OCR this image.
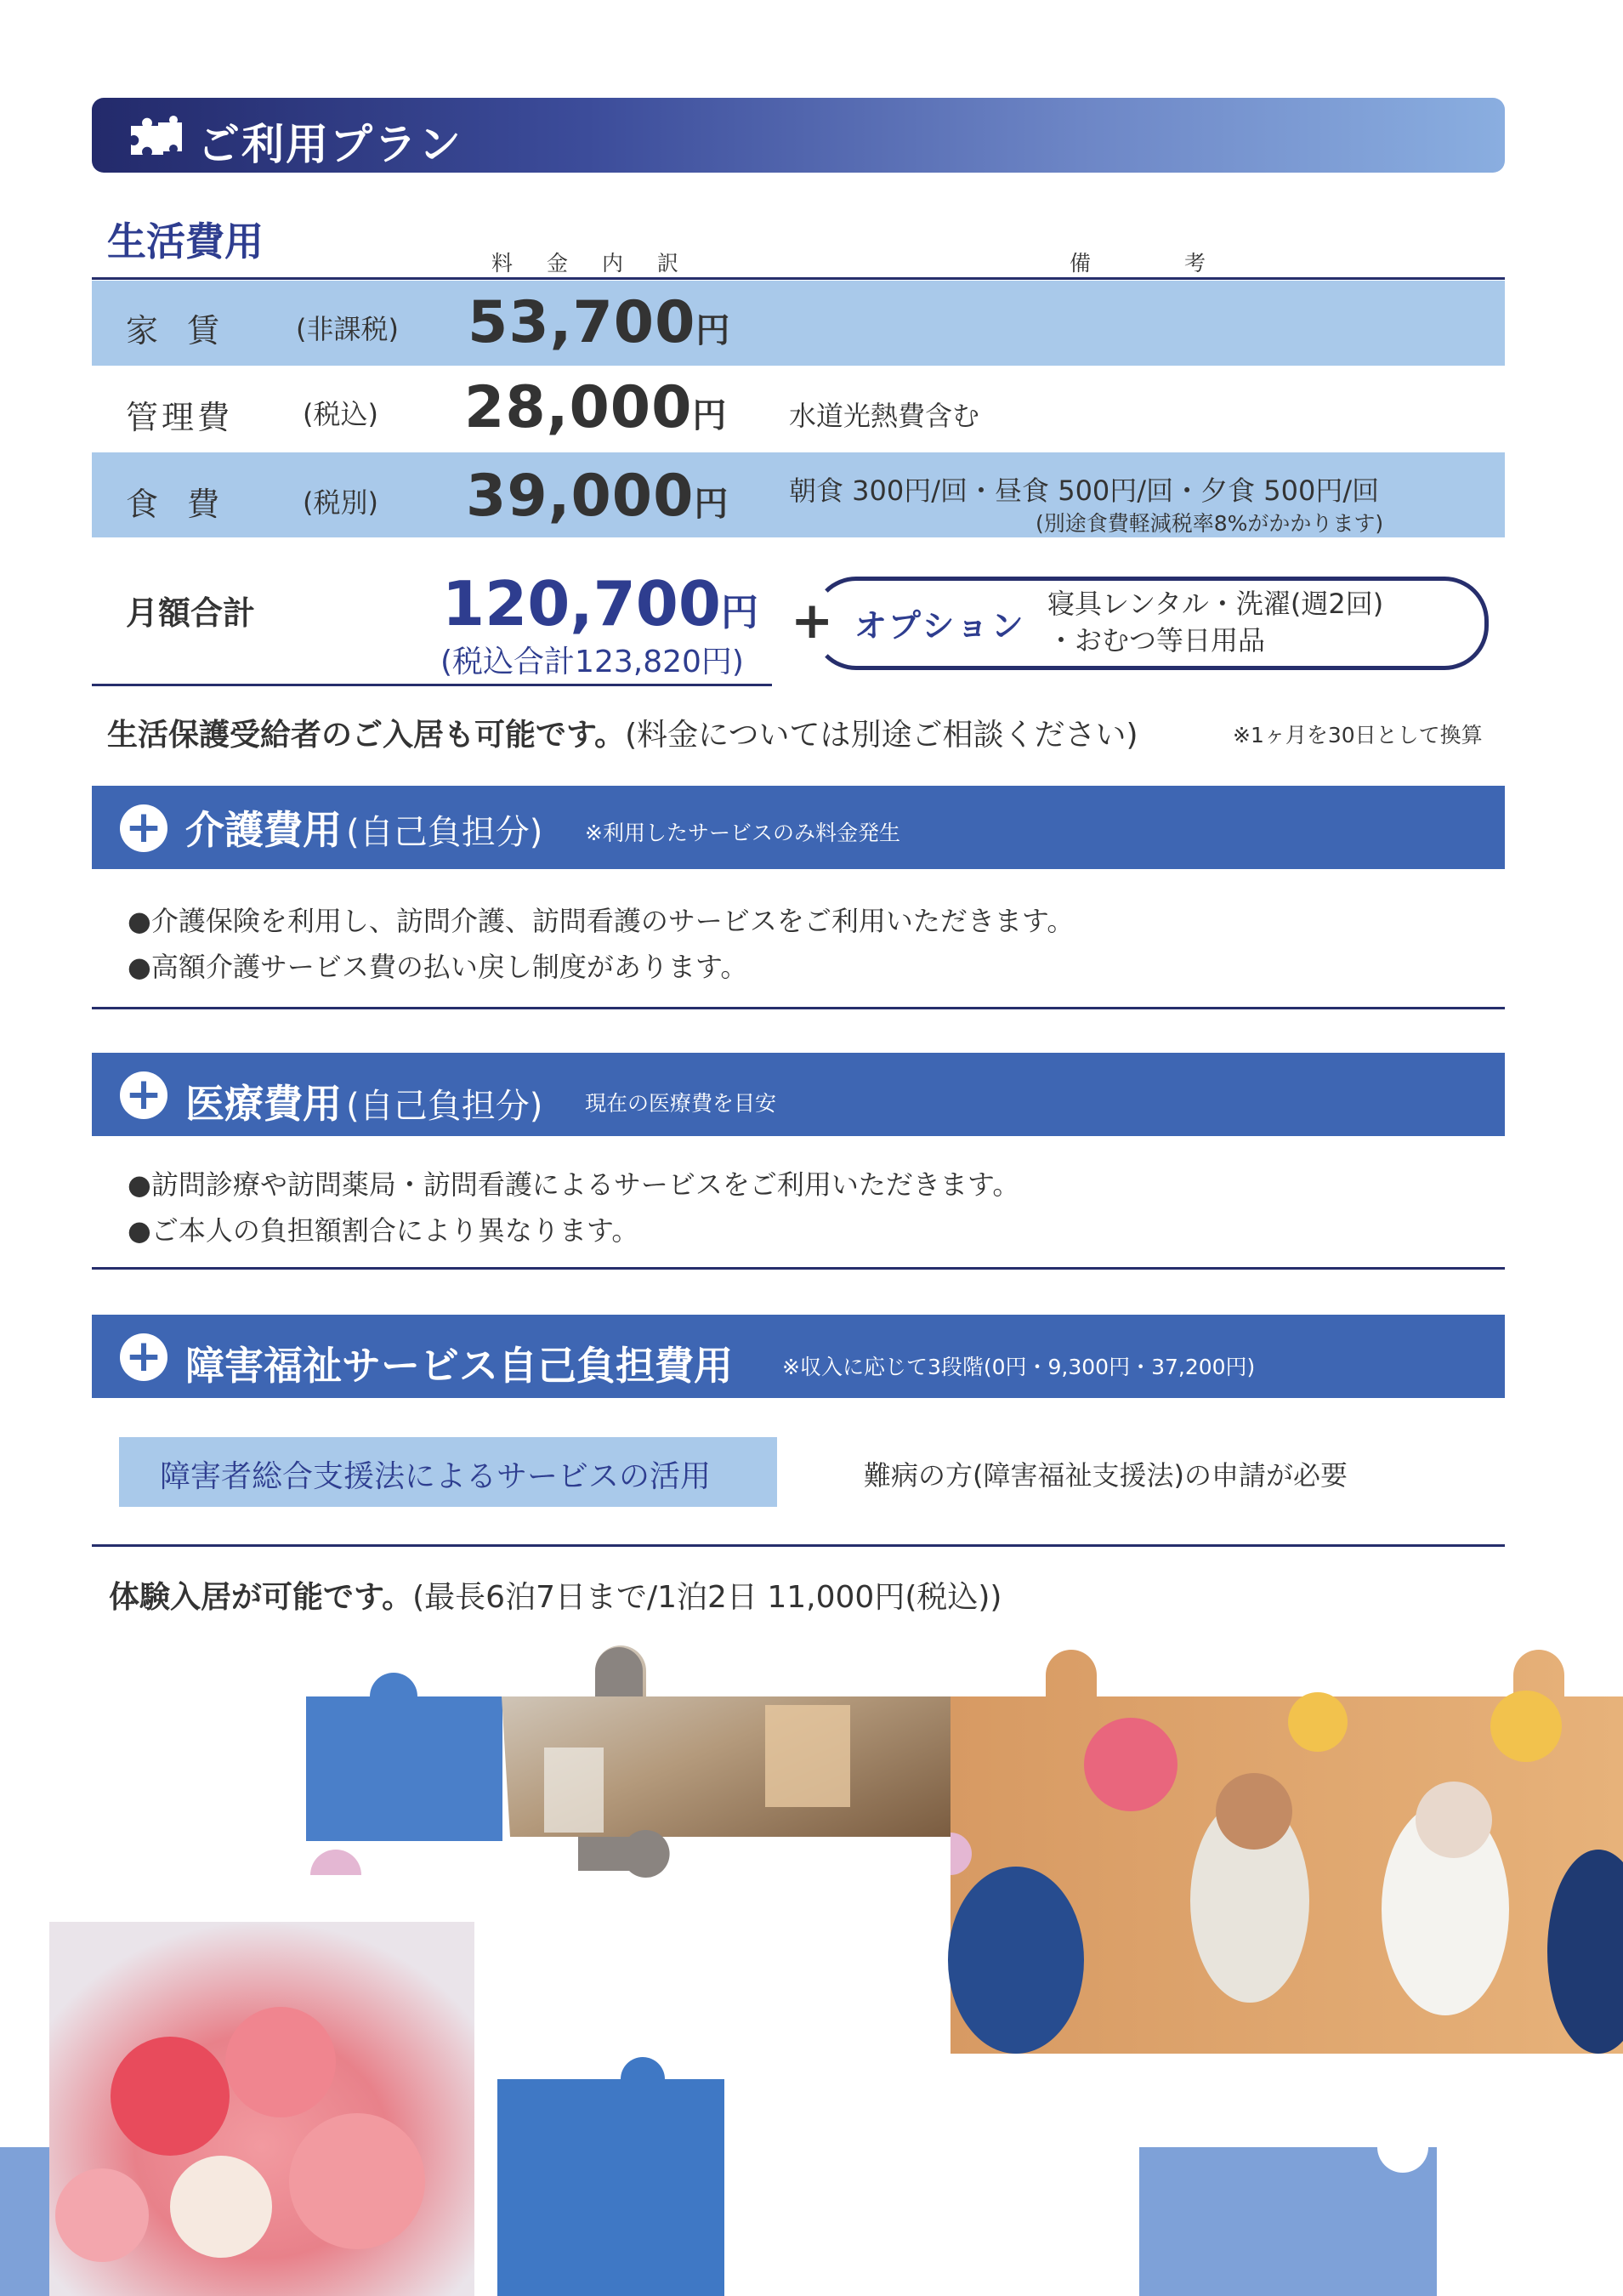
ご利用プラン
生活費用	料金内訳	備考
家賃 (非課税) 53,700円
管理費	(税込) 28,000円 水道光熱費含む
食費 (税別) 39,000円 朝食 300円/回・昼食 500円/回・夕食 500円/回
(別途食費軽減税率8%がかかります)
月額合計	120,700円
(税込合計123,820円)
+ オプション
寝具レンタル・洗濯(週2回)
・おむつ等日用品
生活保護受給者のご入居も可能です。(料金については別途ご相談ください)	※1ヶ月を30日として換算
+ 介護費用 (自己負担分) ※利用したサービスのみ料金発生
●介護保険を利用し、訪問介護、訪問看護のサービスをご利用いただきます。
●高額介護サービス費の払い戻し制度があります。
+ 医療費用 (自己負担分) 現在の医療費を目安
●訪問診療や訪問薬局・訪問看護によるサービスをご利用いただきます。
●ご本人の負担額割合により異なります。
+ 障害福祉サービス自己負担費用 ※収入に応じて3段階(0円・9,300円・37,200円)
障害者総合支援法によるサービスの活用	難病の方(障害福祉支援法)の申請が必要
体験入居が可能です。(最長6泊7日まで/1泊2日 11,000円(税込))
